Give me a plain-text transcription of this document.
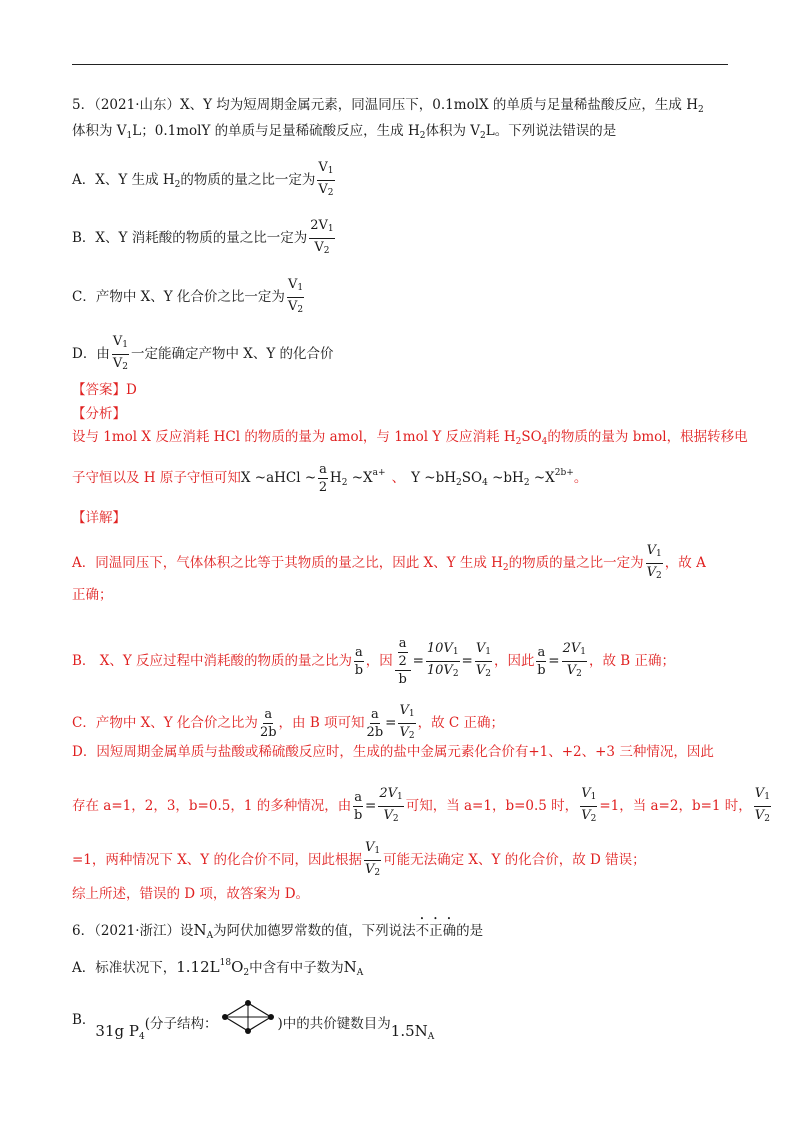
5．（2021·山东）X、Y 均为短周期金属元素，同温同压下，0.1molX 的单质与足量稀盐酸反应，生成 $H_2$
体积为 $V_1L$；0.1molY 的单质与足量稀硫酸反应，生成 $H_2$体积为 $V_2L$。下列说法错误的是
A．X、Y 生成 $H_2$的物质的量之比一定为 $\frac{V_1}{V_2}$
B．X、Y 消耗酸的物质的量之比一定为 $\frac{2V_1}{V_2}$
C．产物中 X、Y 化合价之比一定为 $\frac{V_1}{V_2}$
D．由 $\frac{V_1}{V_2}$ 一定能确定产物中 X、Y 的化合价
【答案】D
【分析】
设与 1mol X 反应消耗 HCl 的物质的量为 amol，与 1mol Y 反应消耗 $H_2SO_4$的物质的量为 bmol，根据转移电
子守恒以及 H 原子守恒可知X ~aHCl ~ $\frac{a}{2} H_2$ $\sim X^{a+}$ 、 Y $\sim bH_2SO_4$ $\sim bH_2$ $\sim X^{2b+}$。
【详解】
A．同温同压下，气体体积之比等于其物质的量之比，因此 X、Y 生成 $H_2$的物质的量之比一定为 $\frac{V_1}{V_2}$ ，故 A
正确；
B． X、Y 反应过程中消耗酸的物质的量之比为 $\frac{a}{b}$ ，因 $\frac{\frac{a}{2}}{b} = \frac{10V_1}{10V_2} = \frac{V_1}{V_2}$ ，因此 $\frac{a}{b} = \frac{2V_1}{V_2}$ ，故 B 正确；
C．产物中 X、Y 化合价之比为 $\frac{a}{2b}$ ，由 B 项可知 $\frac{a}{2b} = \frac{V_1}{V_2}$ ，故 C 正确；
D．因短周期金属单质与盐酸或稀硫酸反应时，生成的盐中金属元素化合价有+1、+2、+3 三种情况，因此
存在 a=1，2，3，b=0.5，1 的多种情况，由 $\frac{a}{b} = \frac{2V_1}{V_2}$ 可知，当 a=1，b=0.5 时， $\frac{V_1}{V_2} =1$，当 a=2，b=1 时， $\frac{V_1}{V_2}$
=1，两种情况下 X、Y 的化合价不同，因此根据 $\frac{V_1}{V_2}$ 可能无法确定 X、Y 的化合价，故 D 错误；
综上所述，错误的 D 项，故答案为 D。
6．（2021·浙江）设$N_A$为阿伏加德罗常数的值，下列说法不正确的是
A．标准状况下，$1.12L^{18}O_2$中含有中子数为$N_A$
B．31g $P_4$(分子结构：	)中的共价键数目为$1.5N_A$
